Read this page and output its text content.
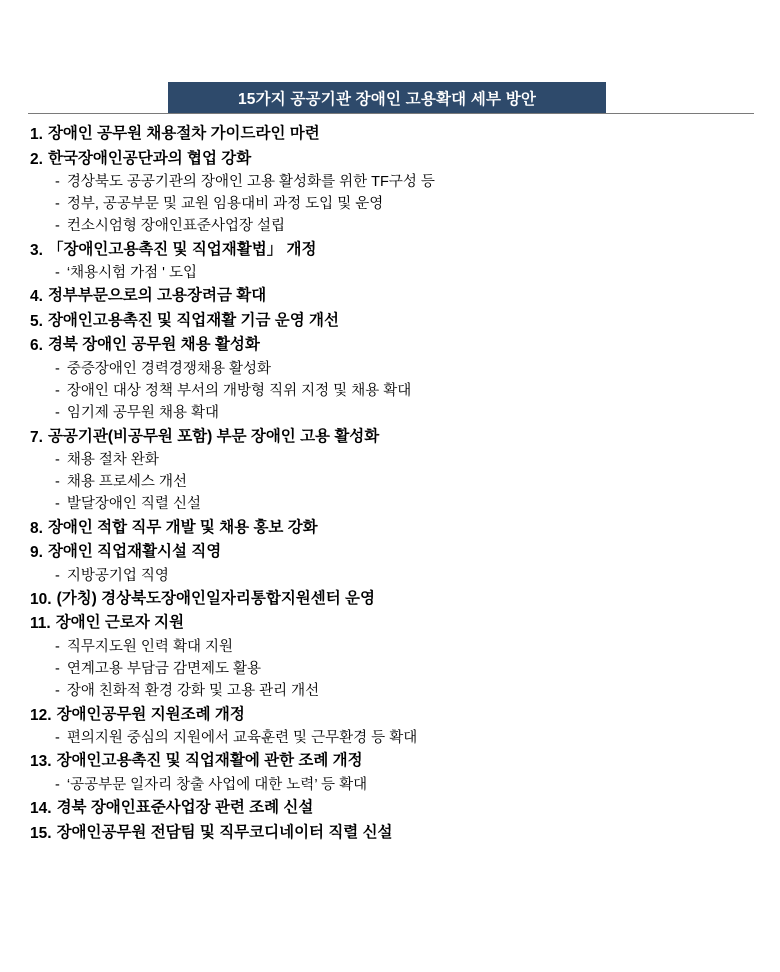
15가지 공공기관 장애인 고용확대 세부 방안
1. 장애인 공무원 채용절차 가이드라인 마련
2. 한국장애인공단과의 협업 강화
- 경상북도 공공기관의 장애인 고용 활성화를 위한 TF구성 등
- 정부, 공공부문 및 교원 임용대비 과정 도입 및 운영
- 컨소시엄형 장애인표준사업장 설립
3. 「장애인고용촉진 및 직업재활법」 개정
- ‘채용시험 가점 ' 도입
4. 정부부문으로의 고용장려금 확대
5. 장애인고용촉진 및 직업재활 기금 운영 개선
6. 경북 장애인 공무원 채용 활성화
- 중증장애인 경력경쟁채용 활성화
- 장애인 대상 정책 부서의 개방형 직위 지정 및 채용 확대
- 임기제 공무원 채용 확대
7. 공공기관(비공무원 포함) 부문 장애인 고용 활성화
- 채용 절차 완화
- 채용 프로세스 개선
- 발달장애인 직렬 신설
8. 장애인 적합 직무 개발 및 채용 홍보 강화
9. 장애인 직업재활시설 직영
- 지방공기업 직영
10. (가칭) 경상북도장애인일자리통합지원센터 운영
11. 장애인 근로자 지원
- 직무지도원 인력 확대 지원
- 연계고용 부담금 감면제도 활용
- 장애 친화적 환경 강화 및 고용 관리 개선
12. 장애인공무원 지원조례 개정
- 편의지원 중심의 지원에서 교육훈련 및 근무환경 등 확대
13. 장애인고용촉진 및 직업재활에 관한 조례 개정
- ‘공공부문 일자리 창출 사업에 대한 노력’ 등 확대
14. 경북 장애인표준사업장 관련 조례 신설
15. 장애인공무원 전담팀 및 직무코디네이터 직렬 신설
